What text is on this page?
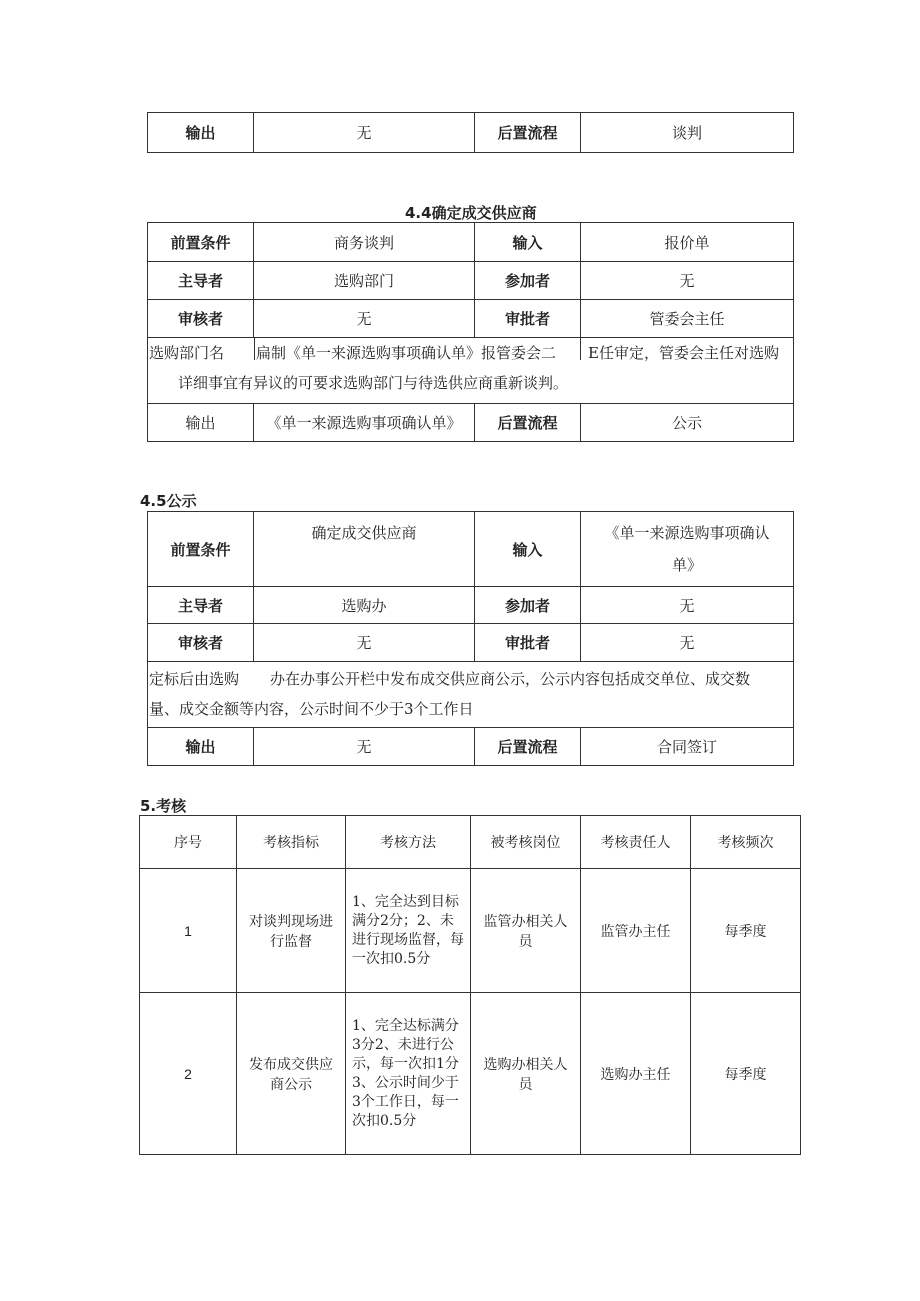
输出	无	后置流程	谈判
4.4确定成交供应商
前置条件	商务谈判	输入	报价单
主导者	选购部门	参加者	无
审核者	无	审批者	管委会主任

选购部门名 扁制《单一来源选购事项确认单》报管委会二 E任审定，管委会主任对选购
详细事宜有异议的可要求选购部门与待选供应商重新谈判。			

输出	《单一来源选购事项确认单》	后置流程	公示
4.5公示
前置条件	确定成交供应商	输入	《单一来源选购事项确认
单》

主导者	选购办	参加者	无
审核者	无	审批者	无

定标后由选购 办在办事公开栏中发布成交供应商公示，公示内容包括成交单位、成交数
量、成交金额等内容，公示时间不少于3个工作日			

输出	无	后置流程	合同签订
5.考核
序号	考核指标	考核方法	被考核岗位	考核责任人	考核频次
1	对谈判现场进行监督	1、完全达到目标满分2分；2、未进行现场监督，每一次扣0.5分	监管办相关人员	监管办主任	每季度
2	发布成交供应商公示	1、完全达标满分3分2、未进行公示，每一次扣1分3、公示时间少于3个工作日，每一次扣0.5分	选购办相关人员	选购办主任	每季度
